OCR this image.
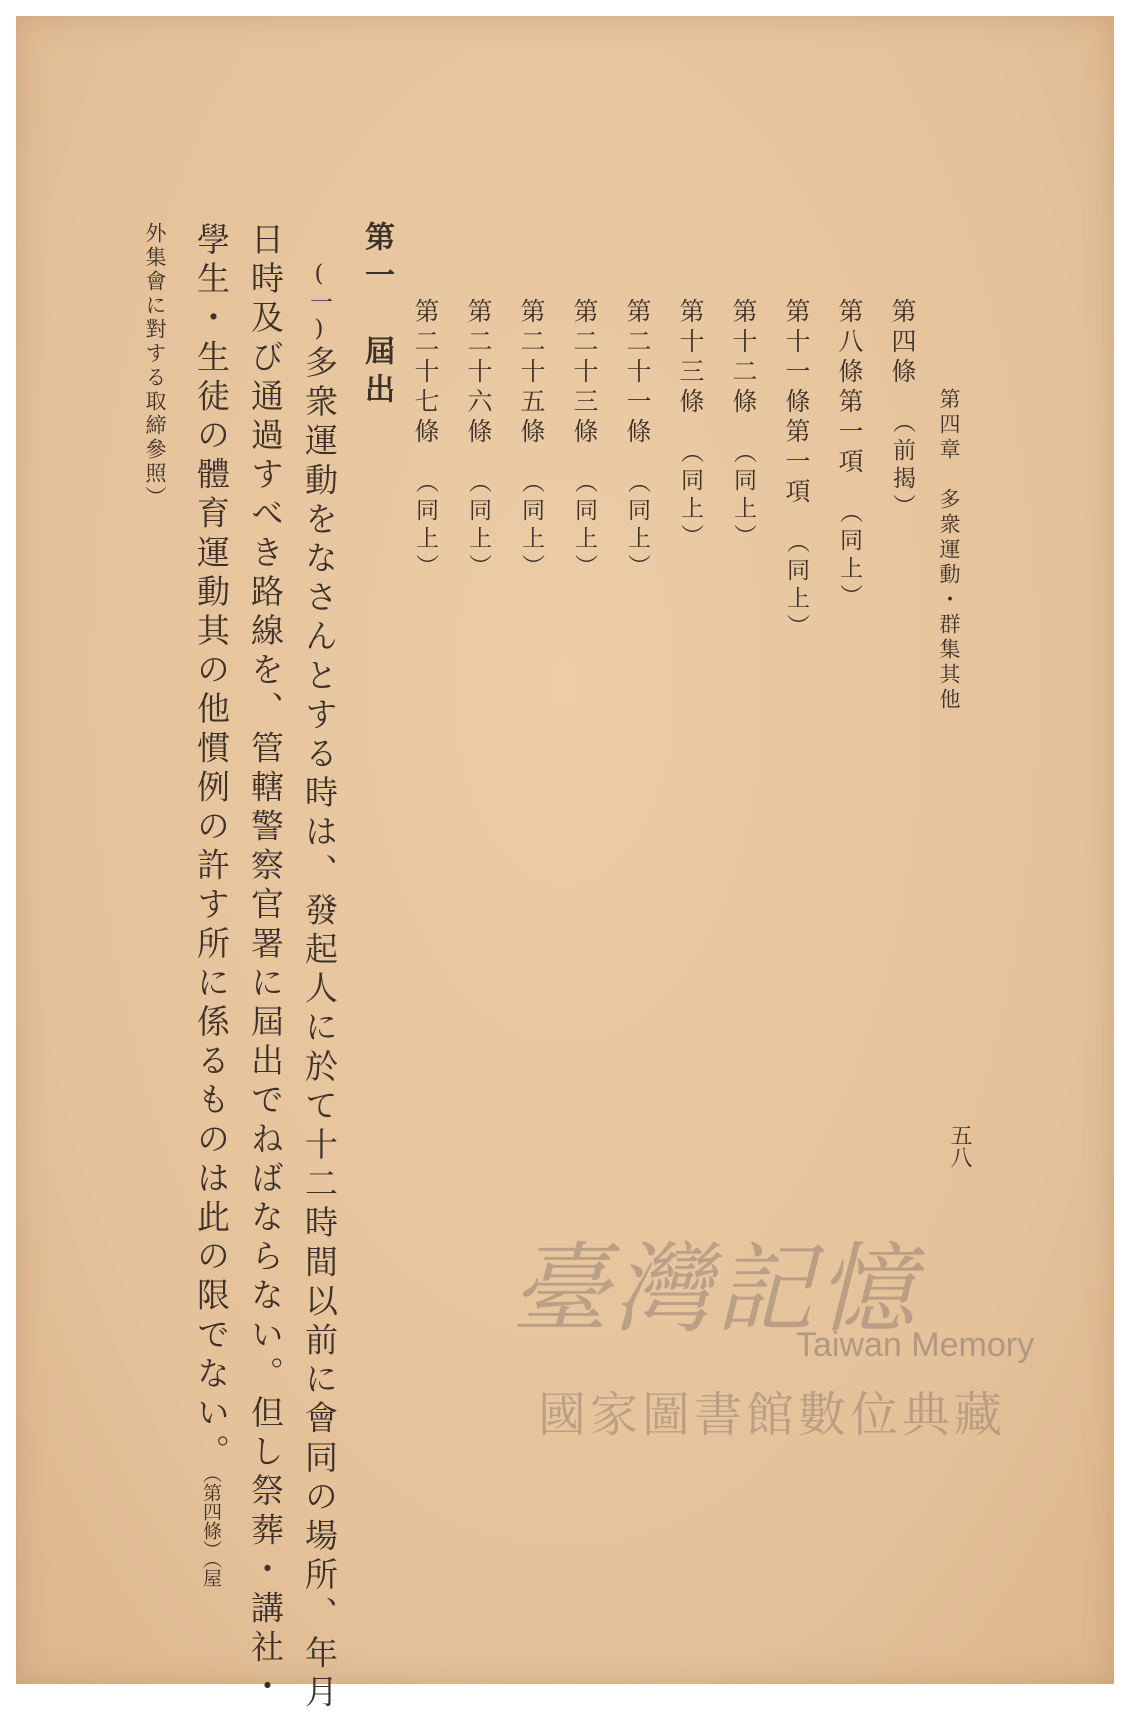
第四章　多衆運動・群集其他
五八
第四條（前揭）
第八條第一項（同上）
第十一條第一項（同上）
第十二條（同上）
第十三條（同上）
第二十一條（同上）
第二十三條（同上）
第二十五條（同上）
第二十六條（同上）
第二十七條（同上）
第一　屆出
(一)多衆運動をなさんとする時は、發起人に於て十二時間以前に會同の場所、年月
日時及び通過すべき路線を、管轄警察官署に屆出でねばならない。但し祭葬・講社・
學生・生徒の體育運動其の他慣例の許す所に係るものは此の限でない。（第四條）（屋
外集會に對する取締參照）
臺灣記憶
Taiwan Memory
國家圖書館數位典藏
